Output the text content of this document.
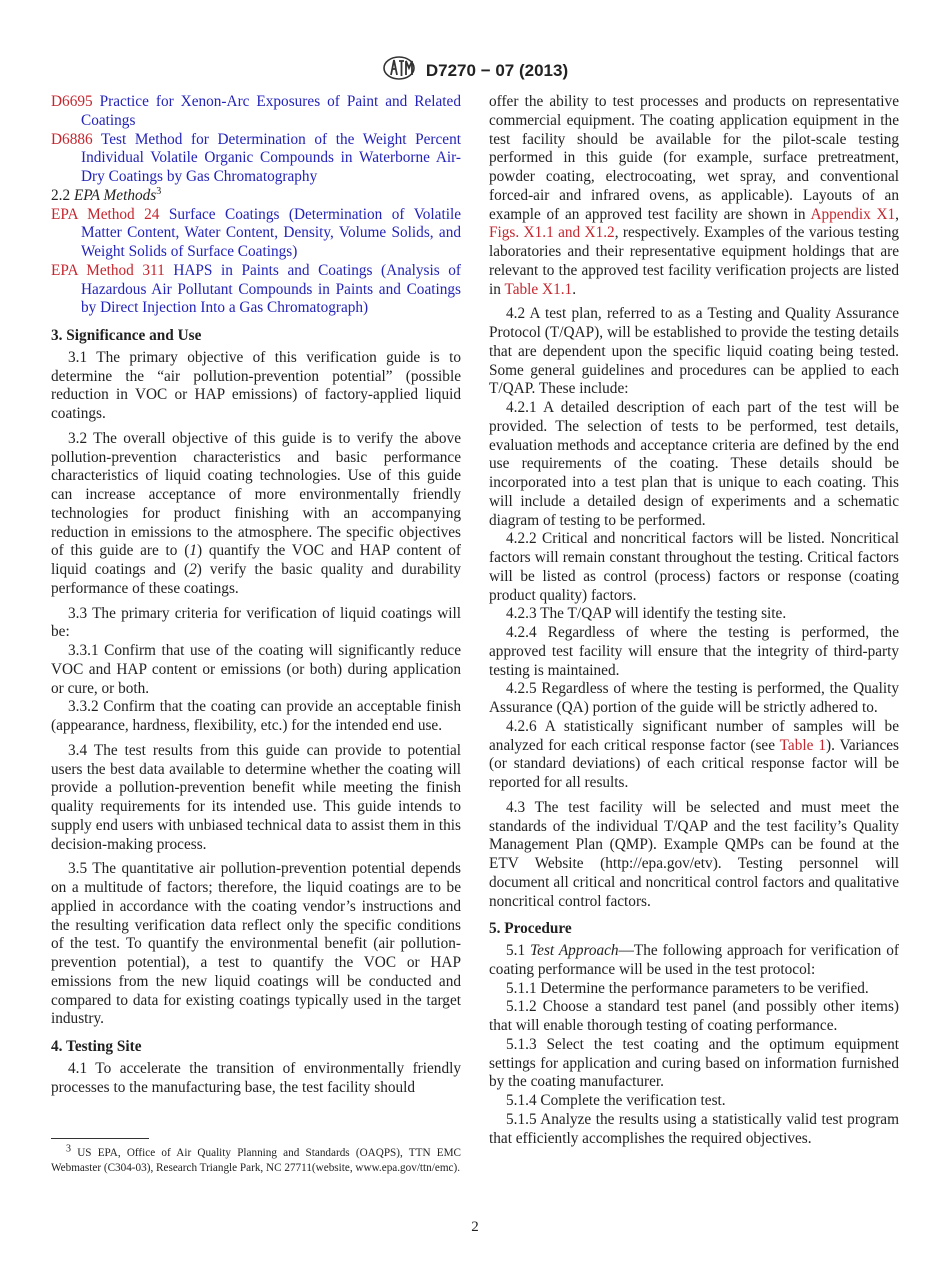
D7270 − 07 (2013)

D6695 Practice for Xenon-Arc Exposures of Paint and Related Coatings

D6886 Test Method for Determination of the Weight Percent Individual Volatile Organic Compounds in Waterborne Air-Dry Coatings by Gas Chromatography

2.2 EPA Methods$^3$

EPA Method 24 Surface Coatings (Determination of Volatile Matter Content, Water Content, Density, Volume Solids, and Weight Solids of Surface Coatings)

EPA Method 311 HAPS in Paints and Coatings (Analysis of Hazardous Air Pollutant Compounds in Paints and Coatings by Direct Injection Into a Gas Chromatograph)

3. Significance and Use

3.1 The primary objective of this verification guide is to determine the “air pollution-prevention potential” (possible reduction in VOC or HAP emissions) of factory-applied liquid coatings.

3.2 The overall objective of this guide is to verify the above pollution-prevention characteristics and basic performance characteristics of liquid coating technologies. Use of this guide can increase acceptance of more environmentally friendly technologies for product finishing with an accompanying reduction in emissions to the atmosphere. The specific objectives of this guide are to (1) quantify the VOC and HAP content of liquid coatings and (2) verify the basic quality and durability performance of these coatings.

3.3 The primary criteria for verification of liquid coatings will be:

3.3.1 Confirm that use of the coating will significantly reduce VOC and HAP content or emissions (or both) during application or cure, or both.

3.3.2 Confirm that the coating can provide an acceptable finish (appearance, hardness, flexibility, etc.) for the intended end use.

3.4 The test results from this guide can provide to potential users the best data available to determine whether the coating will provide a pollution-prevention benefit while meeting the finish quality requirements for its intended use. This guide intends to supply end users with unbiased technical data to assist them in this decision-making process.

3.5 The quantitative air pollution-prevention potential depends on a multitude of factors; therefore, the liquid coatings are to be applied in accordance with the coating vendor’s instructions and the resulting verification data reflect only the specific conditions of the test. To quantify the environmental benefit (air pollution-prevention potential), a test to quantify the VOC or HAP emissions from the new liquid coatings will be conducted and compared to data for existing coatings typically used in the target industry.

4. Testing Site

4.1 To accelerate the transition of environmentally friendly processes to the manufacturing base, the test facility should

offer the ability to test processes and products on representative commercial equipment. The coating application equipment in the test facility should be available for the pilot-scale testing performed in this guide (for example, surface pretreatment, powder coating, electrocoating, wet spray, and conventional forced-air and infrared ovens, as applicable). Layouts of an example of an approved test facility are shown in Appendix X1, Figs. X1.1 and X1.2, respectively. Examples of the various testing laboratories and their representative equipment holdings that are relevant to the approved test facility verification projects are listed in Table X1.1.

4.2 A test plan, referred to as a Testing and Quality Assurance Protocol (T/QAP), will be established to provide the testing details that are dependent upon the specific liquid coating being tested. Some general guidelines and procedures can be applied to each T/QAP. These include:

4.2.1 A detailed description of each part of the test will be provided. The selection of tests to be performed, test details, evaluation methods and acceptance criteria are defined by the end use requirements of the coating. These details should be incorporated into a test plan that is unique to each coating. This will include a detailed design of experiments and a schematic diagram of testing to be performed.

4.2.2 Critical and noncritical factors will be listed. Noncritical factors will remain constant throughout the testing. Critical factors will be listed as control (process) factors or response (coating product quality) factors.

4.2.3 The T/QAP will identify the testing site.

4.2.4 Regardless of where the testing is performed, the approved test facility will ensure that the integrity of third-party testing is maintained.

4.2.5 Regardless of where the testing is performed, the Quality Assurance (QA) portion of the guide will be strictly adhered to.

4.2.6 A statistically significant number of samples will be analyzed for each critical response factor (see Table 1). Variances (or standard deviations) of each critical response factor will be reported for all results.

4.3 The test facility will be selected and must meet the standards of the individual T/QAP and the test facility’s Quality Management Plan (QMP). Example QMPs can be found at the ETV Website (http://epa.gov/etv). Testing personnel will document all critical and noncritical control factors and qualitative noncritical control factors.

5. Procedure

5.1 Test Approach—The following approach for verification of coating performance will be used in the test protocol:

5.1.1 Determine the performance parameters to be verified.

5.1.2 Choose a standard test panel (and possibly other items) that will enable thorough testing of coating performance.

5.1.3 Select the test coating and the optimum equipment settings for application and curing based on information furnished by the coating manufacturer.

5.1.4 Complete the verification test.

5.1.5 Analyze the results using a statistically valid test program that efficiently accomplishes the required objectives.

$^3$ US EPA, Office of Air Quality Planning and Standards (OAQPS), TTN EMC Webmaster (C304-03), Research Triangle Park, NC 27711(website, www.epa.gov/ttn/emc).
2
